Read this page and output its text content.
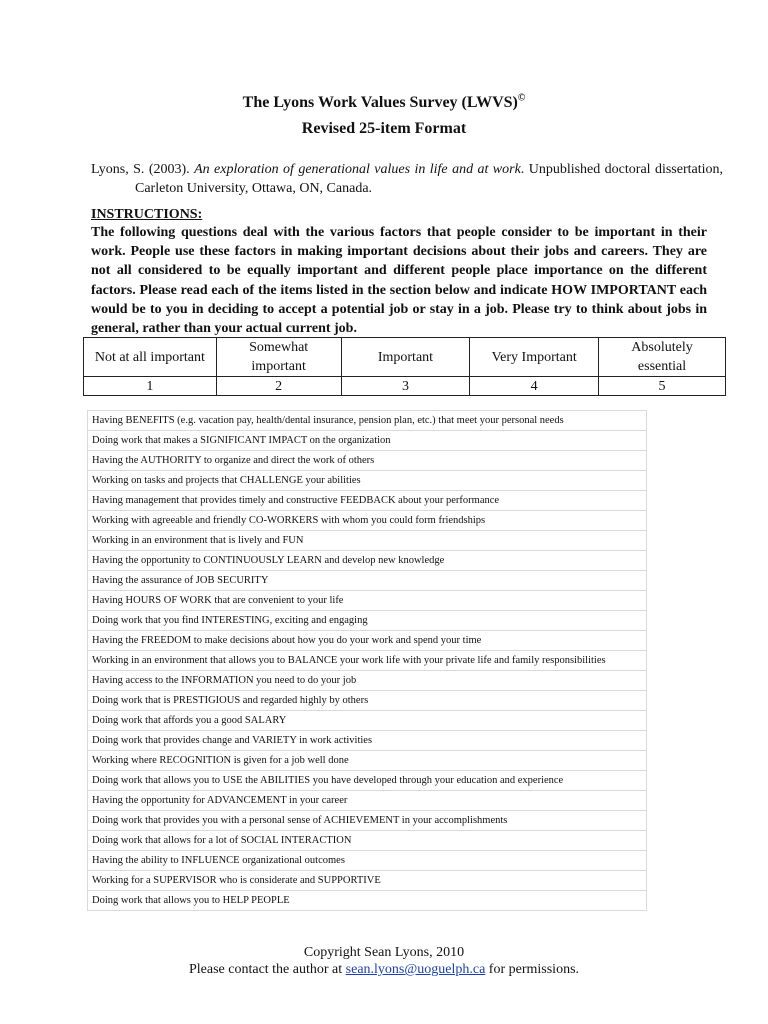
The Lyons Work Values Survey (LWVS)©
Revised 25-item Format
Lyons, S. (2003). An exploration of generational values in life and at work. Unpublished doctoral dissertation, Carleton University, Ottawa, ON, Canada.
INSTRUCTIONS:
The following questions deal with the various factors that people consider to be important in their work. People use these factors in making important decisions about their jobs and careers. They are not all considered to be equally important and different people place importance on the different factors. Please read each of the items listed in the section below and indicate HOW IMPORTANT each would be to you in deciding to accept a potential job or stay in a job. Please try to think about jobs in general, rather than your actual current job.
Not at all important	Somewhat important	Important	Very Important	Absolutely essential
1	2	3	4	5
Having BENEFITS (e.g. vacation pay, health/dental insurance, pension plan, etc.) that meet your personal needs
Doing work that makes a SIGNIFICANT IMPACT on the organization
Having the AUTHORITY to organize and direct the work of others
Working on tasks and projects that CHALLENGE your abilities
Having management that provides timely and constructive FEEDBACK about your performance
Working with agreeable and friendly CO-WORKERS with whom you could form friendships
Working in an environment that is lively and FUN
Having the opportunity to CONTINUOUSLY LEARN and develop new knowledge
Having the assurance of JOB SECURITY
Having HOURS OF WORK that are convenient to your life
Doing work that you find INTERESTING, exciting and engaging
Having the FREEDOM to make decisions about how you do your work and spend your time
Working in an environment that allows you to BALANCE your work life with your private life and family responsibilities
Having access to the INFORMATION you need to do your job
Doing work that is PRESTIGIOUS and regarded highly by others
Doing work that affords you a good SALARY
Doing work that provides change and VARIETY in work activities
Working where RECOGNITION is given for a job well done
Doing work that allows you to USE the ABILITIES you have developed through your education and experience
Having the opportunity for ADVANCEMENT in your career
Doing work that provides you with a personal sense of ACHIEVEMENT in your accomplishments
Doing work that allows for a lot of SOCIAL INTERACTION
Having the ability to INFLUENCE organizational outcomes
Working for a SUPERVISOR who is considerate and SUPPORTIVE
Doing work that allows you to HELP PEOPLE
Copyright Sean Lyons, 2010
Please contact the author at sean.lyons@uoguelph.ca for permissions.
